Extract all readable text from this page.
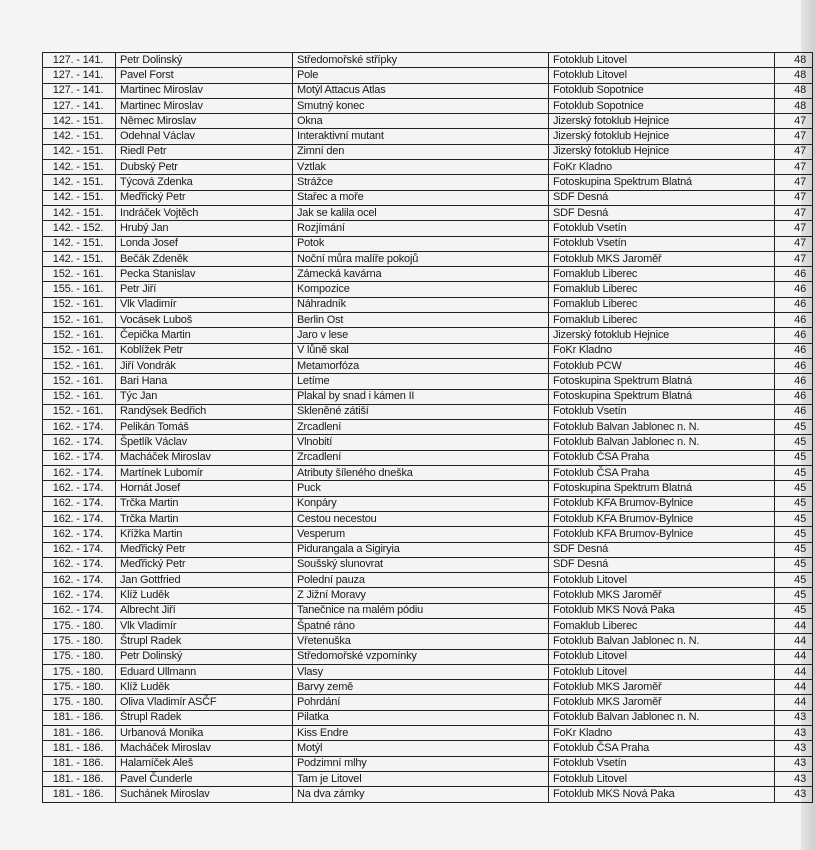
127. - 141.	Petr Dolinský	Středomořské střípky	Fotoklub Litovel	48
127. - 141.	Pavel Forst	Pole	Fotoklub Litovel	48
127. - 141.	Martinec Miroslav	Motýl Attacus Atlas	Fotoklub Sopotnice	48
127. - 141.	Martinec Miroslav	Smutný konec	Fotoklub Sopotnice	48
142. - 151.	Němec Miroslav	Okna	Jizerský fotoklub Hejnice	47
142. - 151.	Odehnal Václav	Interaktivní mutant	Jizerský fotoklub Hejnice	47
142. - 151.	Riedl Petr	Zimní den	Jizerský fotoklub Hejnice	47
142. - 151.	Dubský Petr	Vztlak	FoKr Kladno	47
142. - 151.	Týcová Zdenka	Strážce	Fotoskupina Spektrum Blatná	47
142. - 151.	Meďřický Petr	Stařec a moře	SDF Desná	47
142. - 151.	Indráček Vojtěch	Jak se kalila ocel	SDF Desná	47
142. - 152.	Hrubý Jan	Rozjímání	Fotoklub Vsetín	47
142. - 151.	Londa Josef	Potok	Fotoklub Vsetín	47
142. - 151.	Bečák Zdeněk	Noční můra malíře pokojů	Fotoklub MKS Jaroměř	47
152. - 161.	Pecka Stanislav	Zámecká kavárna	Fomaklub Liberec	46
155. - 161.	Petr Jiří	Kompozice	Fomaklub Liberec	46
152. - 161.	Vlk Vladimír	Náhradník	Fomaklub Liberec	46
152. - 161.	Vocásek Luboš	Berlin Ost	Fomaklub Liberec	46
152. - 161.	Čepička Martin	Jaro v lese	Jizerský fotoklub Hejnice	46
152. - 161.	Koblížek Petr	V lůně skal	FoKr Kladno	46
152. - 161.	Jiří Vondrák	Metamorfóza	Fotoklub PCW	46
152. - 161.	Bari Hana	Letíme	Fotoskupina Spektrum Blatná	46
152. - 161.	Týc Jan	Plakal by snad i kámen II	Fotoskupina Spektrum Blatná	46
152. - 161.	Randýsek Bedřich	Skleněné zátiší	Fotoklub Vsetín	46
162. - 174.	Pelikán Tomáš	Zrcadlení	Fotoklub Balvan Jablonec n. N.	45
162. - 174.	Špetlík Václav	Vlnobití	Fotoklub Balvan Jablonec n. N.	45
162. - 174.	Macháček Miroslav	Zrcadlení	Fotoklub ČSA Praha	45
162. - 174.	Martínek Lubomír	Atributy šíleného dneška	Fotoklub ČSA Praha	45
162. - 174.	Hornát Josef	Puck	Fotoskupina Spektrum Blatná	45
162. - 174.	Trčka Martin	Konpáry	Fotoklub KFA Brumov-Bylnice	45
162. - 174.	Trčka Martin	Cestou necestou	Fotoklub KFA Brumov-Bylnice	45
162. - 174.	Křížka Martin	Vesperum	Fotoklub KFA Brumov-Bylnice	45
162. - 174.	Meďřický Petr	Pidurangala a Sigiryia	SDF Desná	45
162. - 174.	Meďřický Petr	Soušský slunovrat	SDF Desná	45
162. - 174.	Jan Gottfried	Polední pauza	Fotoklub Litovel	45
162. - 174.	Klíž Luděk	Z Jižní Moravy	Fotoklub MKS Jaroměř	45
162. - 174.	Albrecht Jiří	Tanečnice na malém pódiu	Fotoklub MKS Nová Paka	45
175. - 180.	Vlk Vladimír	Špatné ráno	Fomaklub Liberec	44
175. - 180.	Štrupl Radek	Vřetenuška	Fotoklub Balvan Jablonec n. N.	44
175. - 180.	Petr Dolinský	Středomořské vzpomínky	Fotoklub Litovel	44
175. - 180.	Eduard Ullmann	Vlasy	Fotoklub Litovel	44
175. - 180.	Klíž Luděk	Barvy země	Fotoklub MKS Jaroměř	44
175. - 180.	Oliva Vladimír ASČF	Pohrdání	Fotoklub MKS Jaroměř	44
181. - 186.	Štrupl Radek	Pilatka	Fotoklub Balvan Jablonec n. N.	43
181. - 186.	Urbanová Monika	Kiss Endre	FoKr Kladno	43
181. - 186.	Macháček Miroslav	Motýl	Fotoklub ČSA Praha	43
181. - 186.	Halamíček Aleš	Podzimní mlhy	Fotoklub Vsetín	43
181. - 186.	Pavel Čunderle	Tam je Litovel	Fotoklub Litovel	43
181. - 186.	Suchánek Miroslav	Na dva zámky	Fotoklub MKS Nová Paka	43
